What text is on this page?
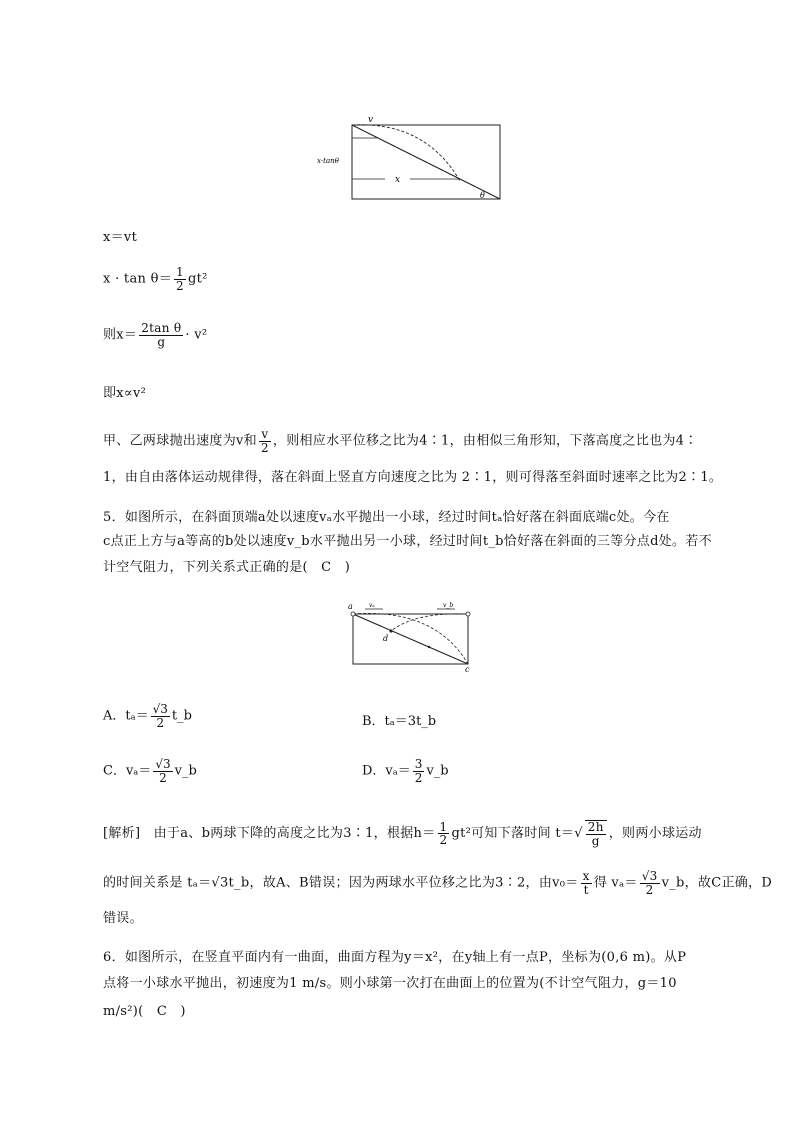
v
x·tanθ
x
θ
x＝vt
$x \cdot \tan \theta= \frac{1}{2} gt^2$
则$x= \frac{\text{2tan θ}}{g} \cdot v^2$
即x∝v²
甲、乙两球抛出速度为v和 $\frac{v}{2}$ ，则相应水平位移之比为4∶1，由相似三角形知，下落高度之比也为4∶
1，由自由落体运动规律得，落在斜面上竖直方向速度之比为 2∶1，则可得落至斜面时速率之比为2∶1。
5．如图所示，在斜面顶端a处以速度vₐ水平抛出一小球，经过时间tₐ恰好落在斜面底端c处。今在
c点正上方与a等高的b处以速度v_b水平抛出另一小球，经过时间t_b恰好落在斜面的三等分点d处。若不
计空气阻力，下列关系式正确的是(　C　)
a	vₐ	v_b
d
c
A．$t_a= \frac{√3}{2}$ t_b	B．tₐ＝3t_b
C．$v_a= \frac{√3}{2}$ v_b	D．$v_a= \frac{3}{2}$ v_b
[解析]　由于a、b两球下降的高度之比为3∶1，根据$h= \frac{1}{2} gt^2$可知下落时间 $t=√ \frac{2h}{g}$ ，则两小球运动
的时间关系是 tₐ＝√3t_b，故A、B错误；因为两球水平位移之比为3∶2，由$v_0= \frac{x}{t}$ 得 $v_a= \frac{√3}{2}$ v_b，故C正确，D
错误。
6．如图所示，在竖直平面内有一曲面，曲面方程为y＝x²，在y轴上有一点P，坐标为(0,6 m)。从P
点将一小球水平抛出，初速度为1 m/s。则小球第一次打在曲面上的位置为(不计空气阻力，g＝10
m/s²)(　C　)
